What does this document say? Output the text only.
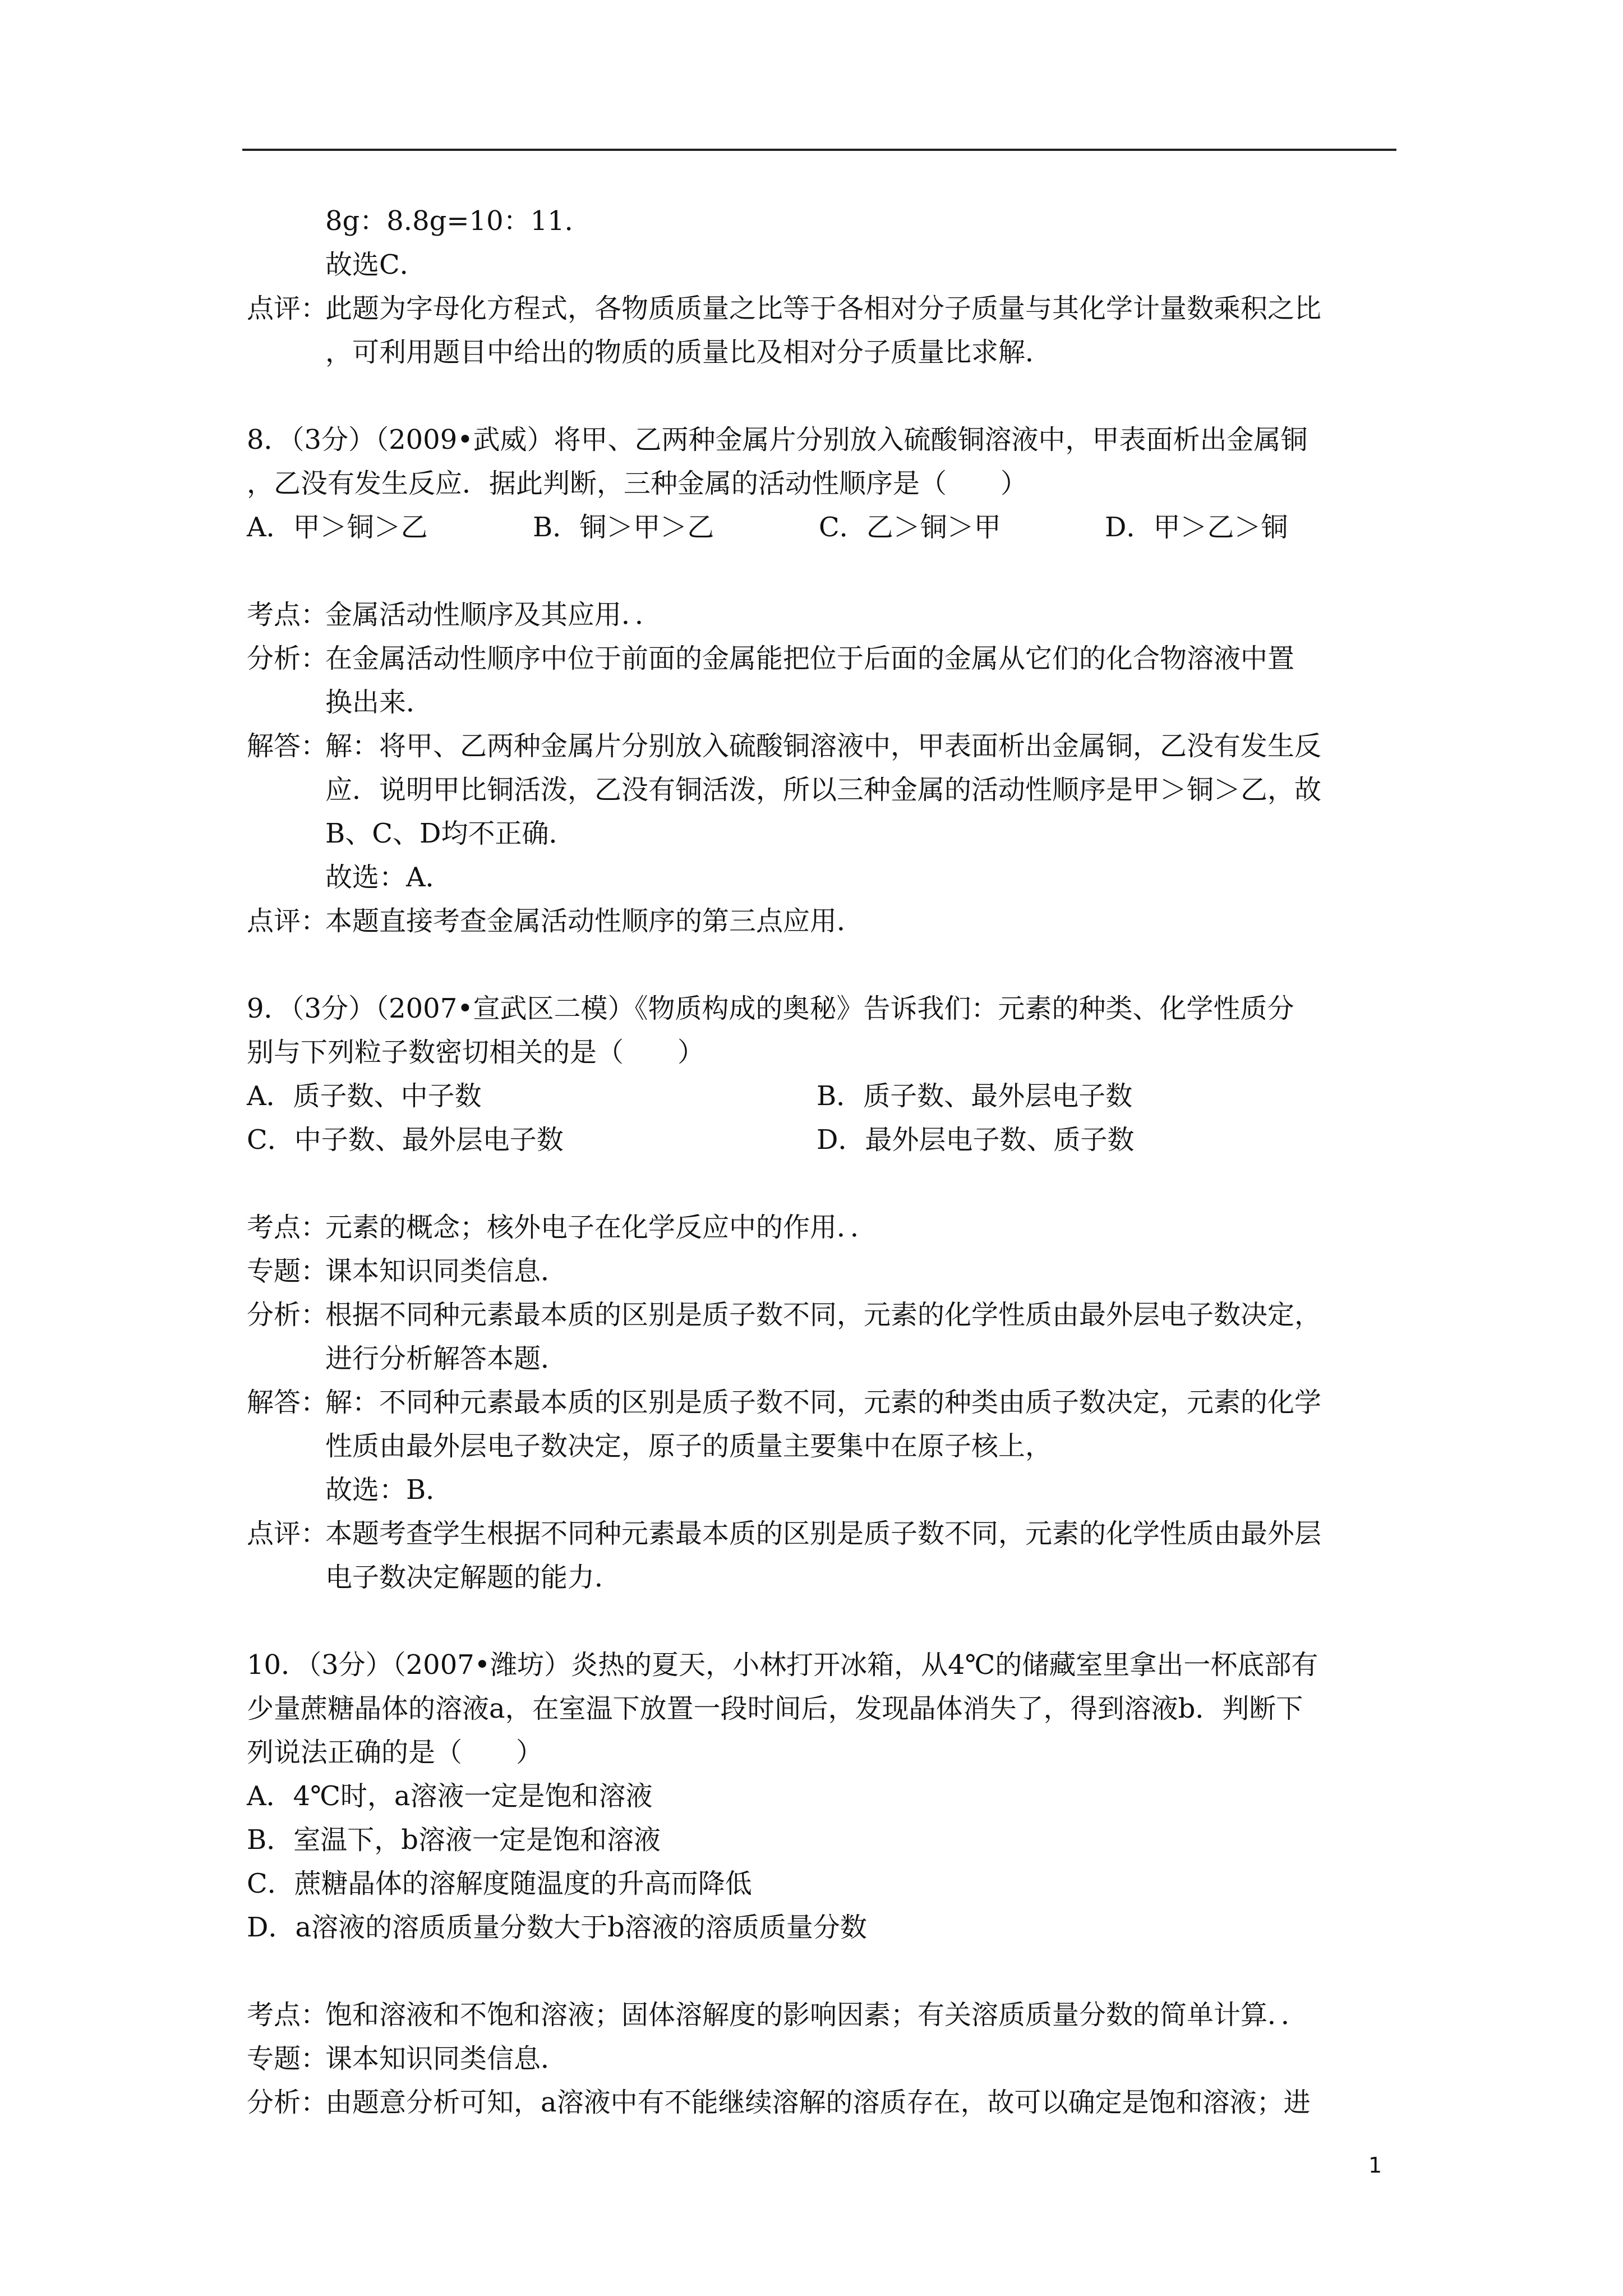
8g：8.8g=10：11．
故选C．
点评：
此题为字母化方程式，各物质质量之比等于各相对分子质量与其化学计量数乘积之比
，可利用题目中给出的物质的质量比及相对分子质量比求解．
8．（3分）（2009•武威）将甲、乙两种金属片分别放入硫酸铜溶液中，甲表面析出金属铜
，乙没有发生反应．据此判断，三种金属的活动性顺序是（　　）
A．甲＞铜＞乙	B．铜＞甲＞乙	C．乙＞铜＞甲	D．甲＞乙＞铜
考点：
金属活动性顺序及其应用．．
分析：
在金属活动性顺序中位于前面的金属能把位于后面的金属从它们的化合物溶液中置
换出来．
解答：
解：将甲、乙两种金属片分别放入硫酸铜溶液中，甲表面析出金属铜，乙没有发生反
应．说明甲比铜活泼，乙没有铜活泼，所以三种金属的活动性顺序是甲＞铜＞乙，故
B、C、D均不正确．
故选：A．
点评：
本题直接考查金属活动性顺序的第三点应用．
9．（3分）（2007•宣武区二模）《物质构成的奥秘》告诉我们：元素的种类、化学性质分
别与下列粒子数密切相关的是（　　）
A．质子数、中子数	B．质子数、最外层电子数
C．中子数、最外层电子数	D．最外层电子数、质子数
考点：
元素的概念；核外电子在化学反应中的作用．．
专题：
课本知识同类信息．
分析：
根据不同种元素最本质的区别是质子数不同，元素的化学性质由最外层电子数决定，
进行分析解答本题．
解答：
解：不同种元素最本质的区别是质子数不同，元素的种类由质子数决定，元素的化学
性质由最外层电子数决定，原子的质量主要集中在原子核上，
故选：B．
点评：
本题考查学生根据不同种元素最本质的区别是质子数不同，元素的化学性质由最外层
电子数决定解题的能力．
10．（3分）（2007•潍坊）炎热的夏天，小林打开冰箱，从4℃的储藏室里拿出一杯底部有
少量蔗糖晶体的溶液a，在室温下放置一段时间后，发现晶体消失了，得到溶液b．判断下
列说法正确的是（　　）
A．4℃时，a溶液一定是饱和溶液
B．室温下，b溶液一定是饱和溶液
C．蔗糖晶体的溶解度随温度的升高而降低
D．a溶液的溶质质量分数大于b溶液的溶质质量分数
考点：
饱和溶液和不饱和溶液；固体溶解度的影响因素；有关溶质质量分数的简单计算．．
专题：
课本知识同类信息．
分析：
由题意分析可知，a溶液中有不能继续溶解的溶质存在，故可以确定是饱和溶液；进
1
